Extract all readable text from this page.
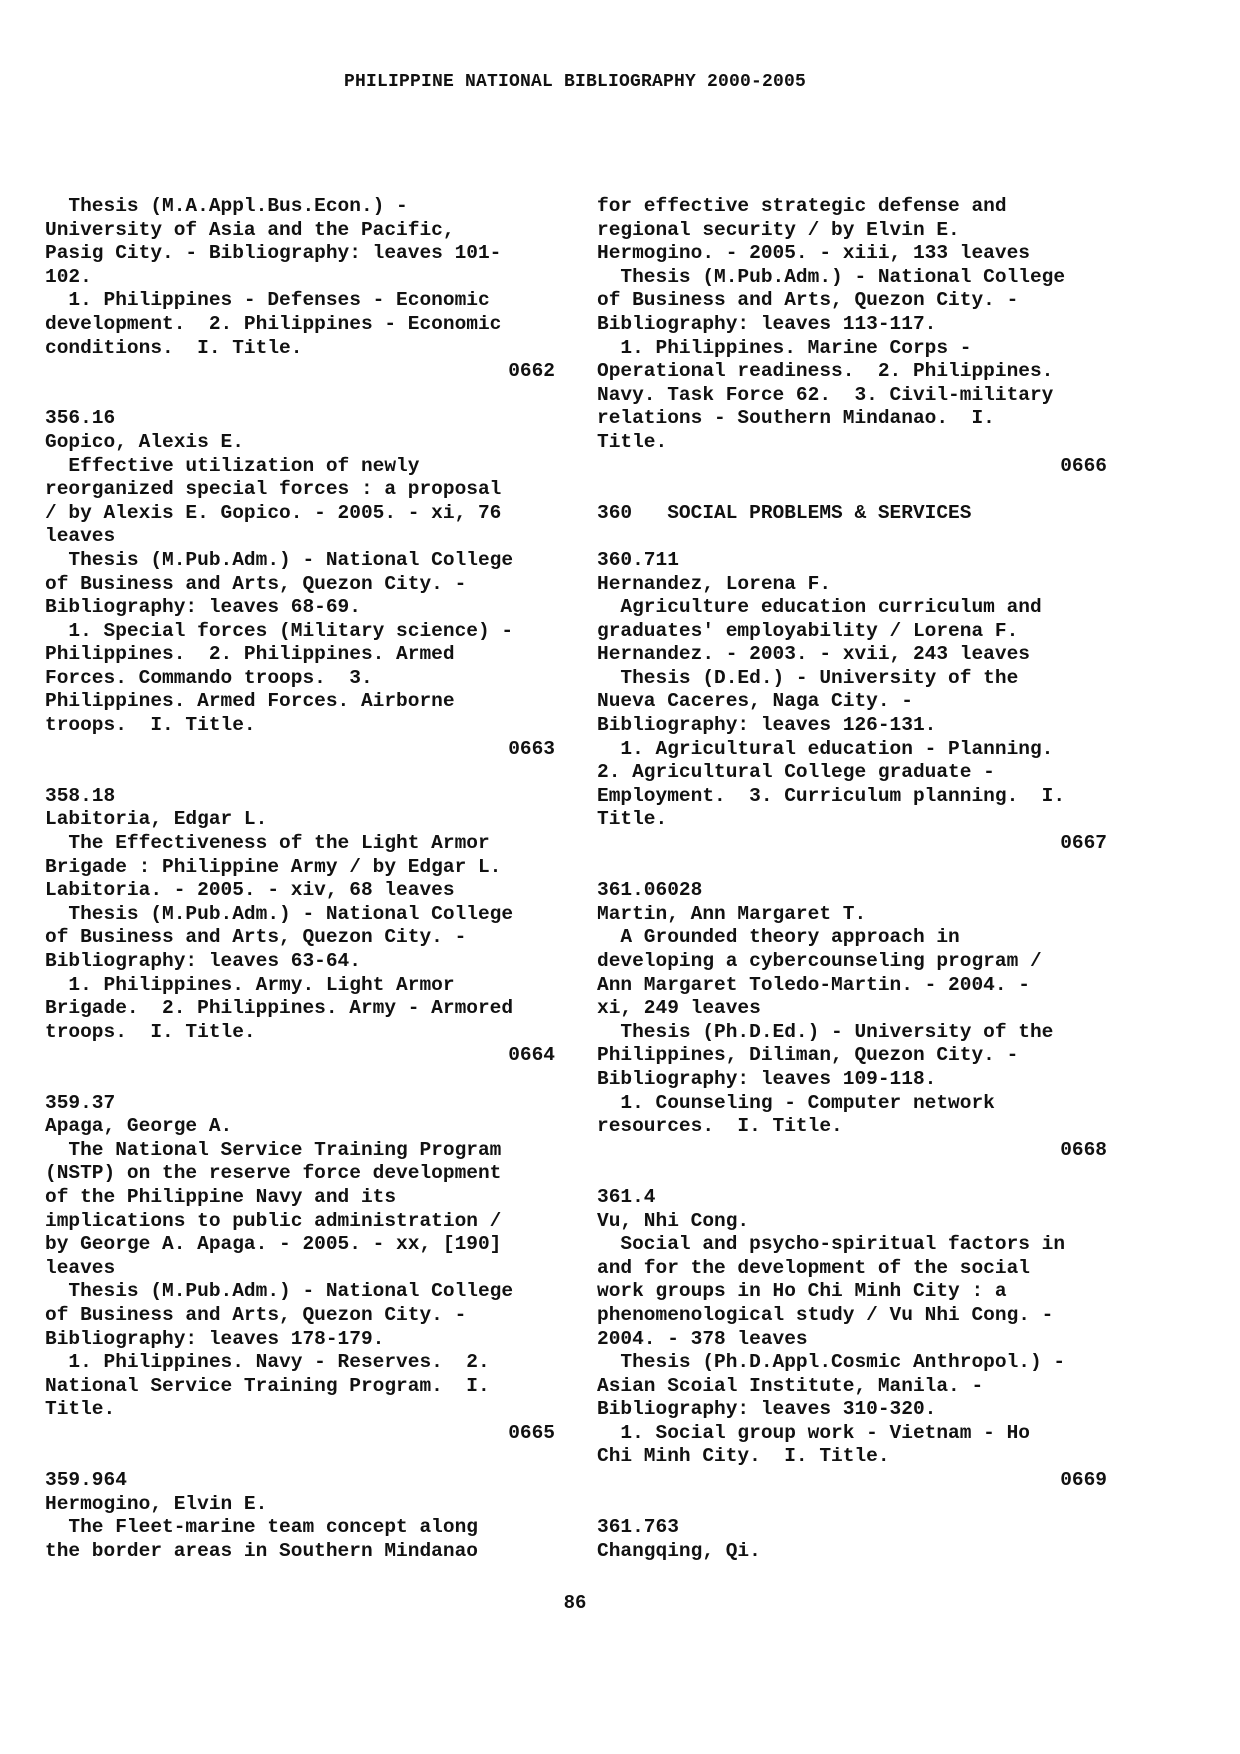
PHILIPPINE NATIONAL BIBLIOGRAPHY 2000-2005
Thesis (M.A.Appl.Bus.Econ.) -
University of Asia and the Pacific,
Pasig City. - Bibliography: leaves 101-
102.
1. Philippines - Defenses - Economic
development.  2. Philippines - Economic
conditions.  I. Title.
0662
356.16
Gopico, Alexis E.
Effective utilization of newly
reorganized special forces : a proposal
/ by Alexis E. Gopico. - 2005. - xi, 76
leaves
Thesis (M.Pub.Adm.) - National College
of Business and Arts, Quezon City. -
Bibliography: leaves 68-69.
1. Special forces (Military science) -
Philippines.  2. Philippines. Armed
Forces. Commando troops.  3.
Philippines. Armed Forces. Airborne
troops.  I. Title.
0663
358.18
Labitoria, Edgar L.
The Effectiveness of the Light Armor
Brigade : Philippine Army / by Edgar L.
Labitoria. - 2005. - xiv, 68 leaves
Thesis (M.Pub.Adm.) - National College
of Business and Arts, Quezon City. -
Bibliography: leaves 63-64.
1. Philippines. Army. Light Armor
Brigade.  2. Philippines. Army - Armored
troops.  I. Title.
0664
359.37
Apaga, George A.
The National Service Training Program
(NSTP) on the reserve force development
of the Philippine Navy and its
implications to public administration /
by George A. Apaga. - 2005. - xx, [190]
leaves
Thesis (M.Pub.Adm.) - National College
of Business and Arts, Quezon City. -
Bibliography: leaves 178-179.
1. Philippines. Navy - Reserves.  2.
National Service Training Program.  I.
Title.
0665
359.964
Hermogino, Elvin E.
The Fleet-marine team concept along
the border areas in Southern Mindanao
for effective strategic defense and
regional security / by Elvin E.
Hermogino. - 2005. - xiii, 133 leaves
Thesis (M.Pub.Adm.) - National College
of Business and Arts, Quezon City. -
Bibliography: leaves 113-117.
1. Philippines. Marine Corps -
Operational readiness.  2. Philippines.
Navy. Task Force 62.  3. Civil-military
relations - Southern Mindanao.  I.
Title.
0666
360   SOCIAL PROBLEMS & SERVICES
360.711
Hernandez, Lorena F.
Agriculture education curriculum and
graduates' employability / Lorena F.
Hernandez. - 2003. - xvii, 243 leaves
Thesis (D.Ed.) - University of the
Nueva Caceres, Naga City. -
Bibliography: leaves 126-131.
1. Agricultural education - Planning.
2. Agricultural College graduate -
Employment.  3. Curriculum planning.  I.
Title.
0667
361.06028
Martin, Ann Margaret T.
A Grounded theory approach in
developing a cybercounseling program /
Ann Margaret Toledo-Martin. - 2004. -
xi, 249 leaves
Thesis (Ph.D.Ed.) - University of the
Philippines, Diliman, Quezon City. -
Bibliography: leaves 109-118.
1. Counseling - Computer network
resources.  I. Title.
0668
361.4
Vu, Nhi Cong.
Social and psycho-spiritual factors in
and for the development of the social
work groups in Ho Chi Minh City : a
phenomenological study / Vu Nhi Cong. -
2004. - 378 leaves
Thesis (Ph.D.Appl.Cosmic Anthropol.) -
Asian Scoial Institute, Manila. -
Bibliography: leaves 310-320.
1. Social group work - Vietnam - Ho
Chi Minh City.  I. Title.
0669
361.763
Changqing, Qi.
86
